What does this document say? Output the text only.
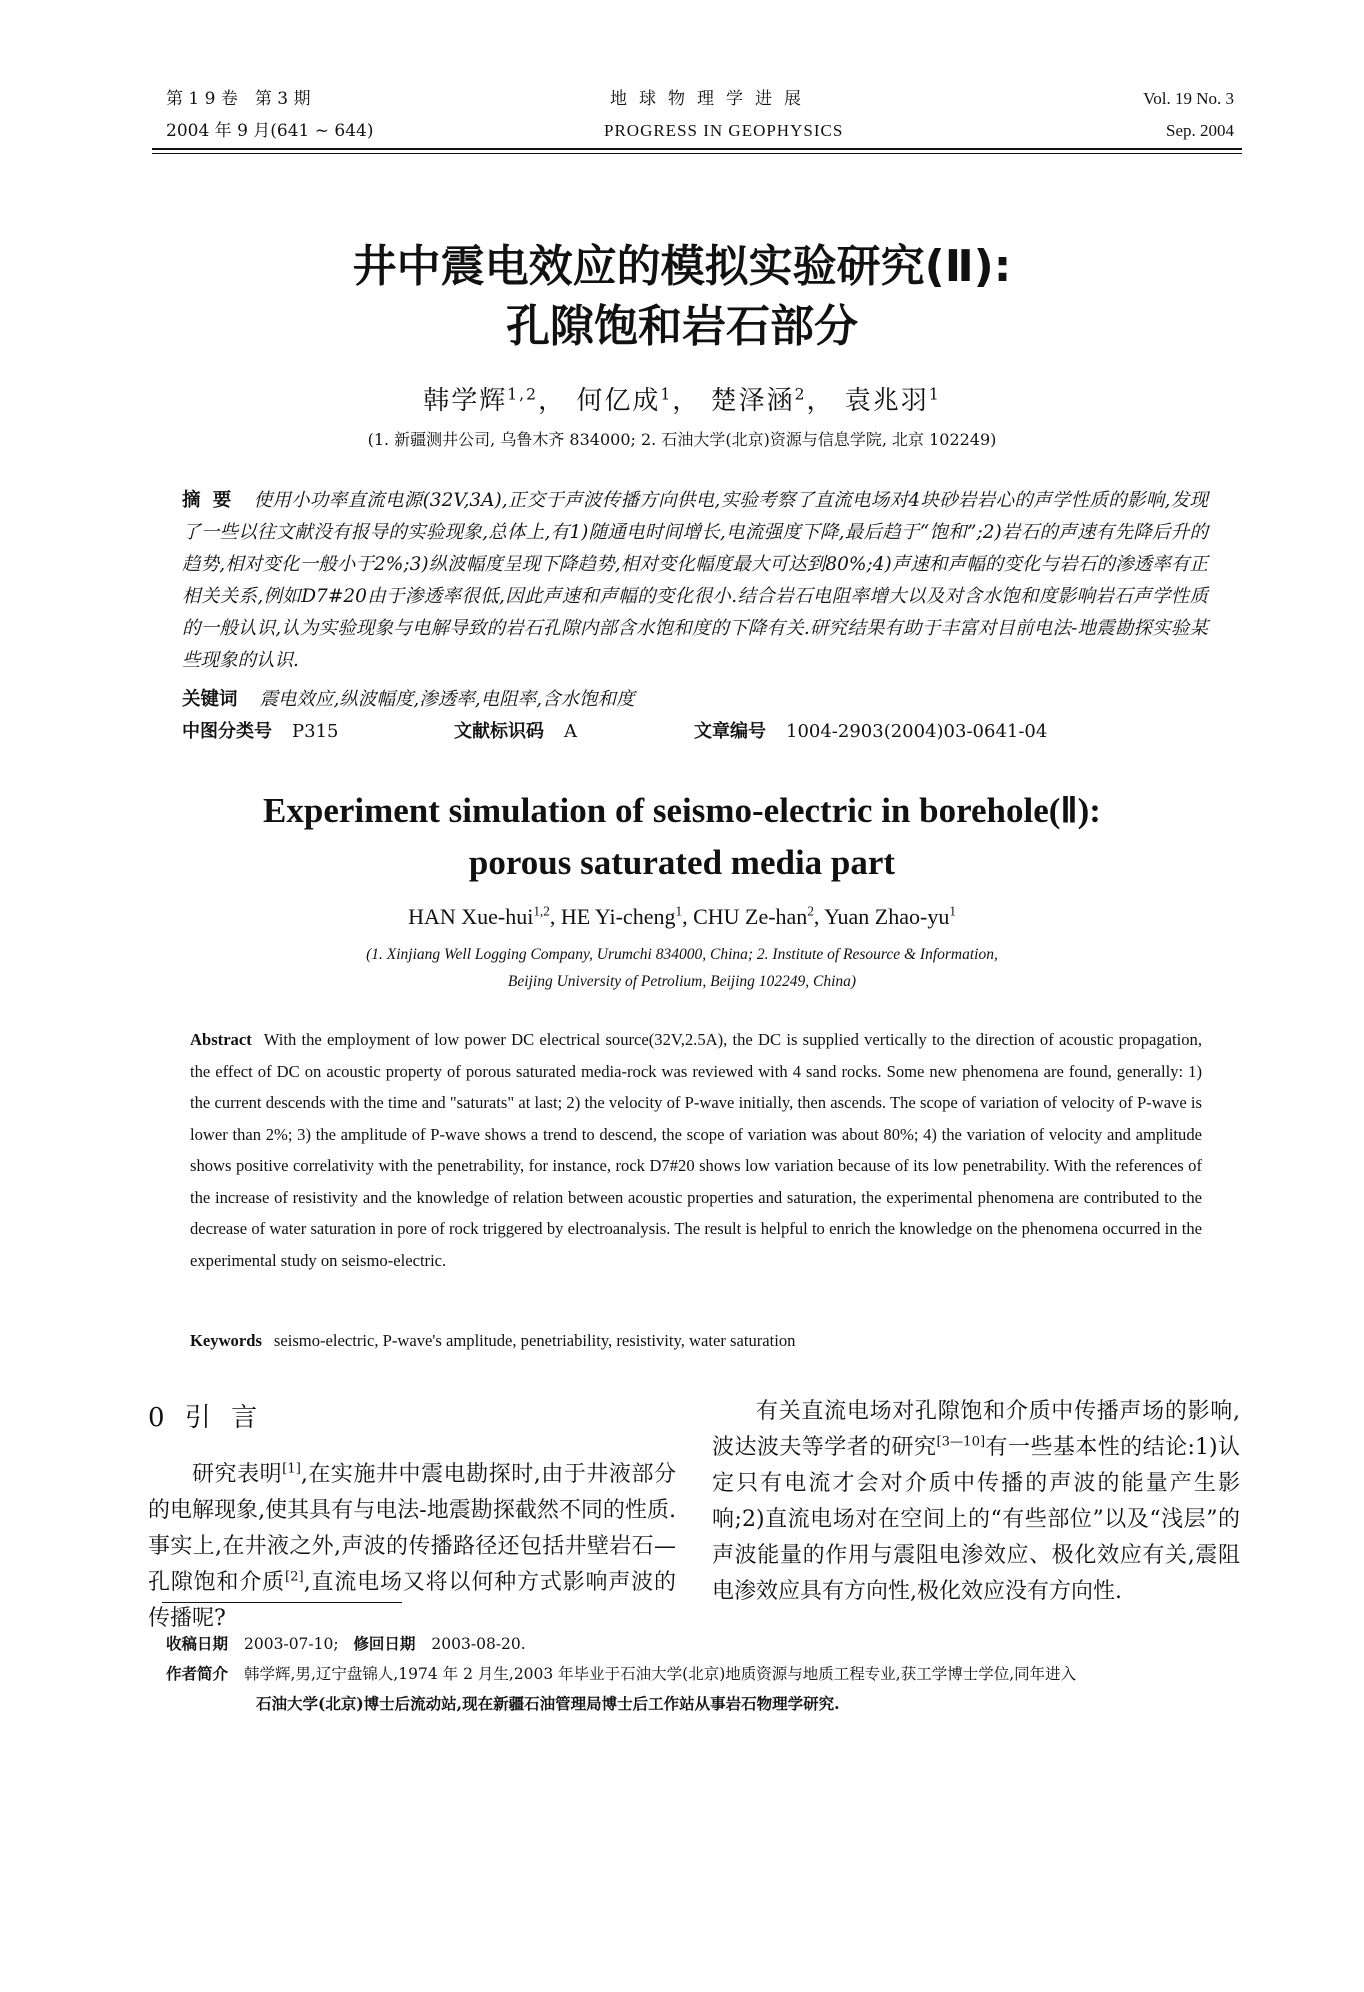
第 1 9 卷　第 3 期
2004 年 9 月(641 ~ 644)
地球物理学进展
PROGRESS IN GEOPHYSICS
Vol. 19 No. 3
Sep. 2004
井中震电效应的模拟实验研究(Ⅱ):
孔隙饱和岩石部分
韩学辉$^{1,2}$， 何亿成$^1$， 楚泽涵$^2$， 袁兆羽$^1$
(1. 新疆测井公司, 乌鲁木齐 834000; 2. 石油大学(北京)资源与信息学院, 北京 102249)
摘要 使用小功率直流电源(32V,3A),正交于声波传播方向供电,实验考察了直流电场对4块砂岩岩心的声学性质的影响,发现了一些以往文献没有报导的实验现象,总体上,有1)随通电时间增长,电流强度下降,最后趋于“饱和”;2)岩石的声速有先降后升的趋势,相对变化一般小于2%;3)纵波幅度呈现下降趋势,相对变化幅度最大可达到80%;4)声速和声幅的变化与岩石的渗透率有正相关关系,例如D7#20由于渗透率很低,因此声速和声幅的变化很小.结合岩石电阻率增大以及对含水饱和度影响岩石声学性质的一般认识,认为实验现象与电解导致的岩石孔隙内部含水饱和度的下降有关.研究结果有助于丰富对目前电法-地震勘探实验某些现象的认识.
关键词 震电效应,纵波幅度,渗透率,电阻率,含水饱和度
中图分类号 P315	文献标识码 A	文章编号 1004-2903(2004)03-0641-04
Experiment simulation of seismo-electric in borehole(Ⅱ):
porous saturated media part
HAN Xue-hui$^{1,2}$, HE Yi-cheng$^1$, CHU Ze-han$^2$, Yuan Zhao-$yu^1$
(1. Xinjiang Well Logging Company, Urumchi 834000, China; 2. Institute of Resource & Information,
Beijing University of Petrolium, Beijing 102249, China)
Abstract With the employment of low power DC electrical source(32V,2.5A), the DC is supplied vertically to the direction of acoustic propagation, the effect of DC on acoustic property of porous saturated media-rock was reviewed with 4 sand rocks. Some new phenomena are found, generally: 1) the current descends with the time and "saturats" at last; 2) the velocity of P-wave initially, then ascends. The scope of variation of velocity of P-wave is lower than 2%; 3) the amplitude of P-wave shows a trend to descend, the scope of variation was about 80%; 4) the variation of velocity and amplitude shows positive correlativity with the penetrability, for instance, rock D7#20 shows low variation because of its low penetrability. With the references of the increase of resistivity and the knowledge of relation between acoustic properties and saturation, the experimental phenomena are contributed to the decrease of water saturation in pore of rock triggered by electroanalysis. The result is helpful to enrich the knowledge on the phenomena occurred in the experimental study on seismo-electric.
Keywords seismo-electric, P-wave's amplitude, penetriability, resistivity, water saturation
0 引 言
研究表明[1],在实施井中震电勘探时,由于井液部分的电解现象,使其具有与电法-地震勘探截然不同的性质.事实上,在井液之外,声波的传播路径还包括井壁岩石—孔隙饱和介质[2],直流电场又将以何种方式影响声波的传播呢?
有关直流电场对孔隙饱和介质中传播声场的影响,波达波夫等学者的研究[3—10]有一些基本性的结论:1)认定只有电流才会对介质中传播的声波的能量产生影响;2)直流电场对在空间上的“有些部位”以及“浅层”的声波能量的作用与震阻电渗效应、极化效应有关,震阻电渗效应具有方向性,极化效应没有方向性.
收稿日期 2003-07-10; 修回日期 2003-08-20.
作者简介 韩学辉,男,辽宁盘锦人,1974 年 2 月生,2003 年毕业于石油大学(北京)地质资源与地质工程专业,获工学博士学位,同年进入
石油大学(北京)博士后流动站,现在新疆石油管理局博士后工作站从事岩石物理学研究.
